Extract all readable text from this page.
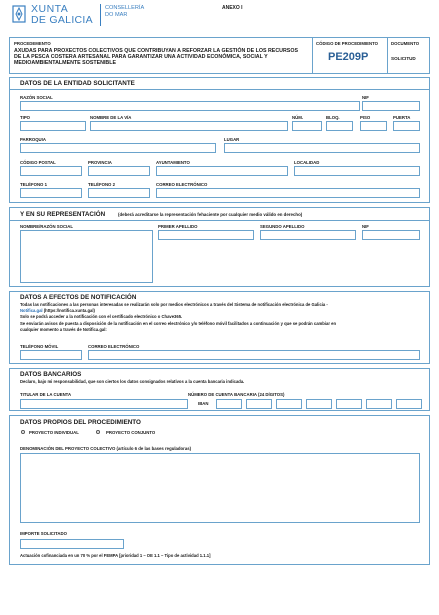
XUNTA
DE GALICIA
CONSELLERÍA
DO MAR
ANEXO I
PROCEDEMENTO
AXUDAS PARA PROXECTOS COLECTIVOS QUE CONTRIBUYAN A REFORZAR LA GESTIÓN DE LOS RECURSOS DE LA PESCA COSTERA ARTESANAL PARA GARANTIZAR UNA ACTIVIDAD ECONÓMICA, SOCIAL Y MEDIOAMBIENTALMENTE SOSTENIBLE
CÓDIGO DE PROCEDIMIENTO
PE209P
DOCUMENTO
SOLICITUD
DATOS DE LA ENTIDAD SOLICITANTE
RAZÓN SOCIAL	NIF
TIPO	NOMBRE DE LA VÍA	NÚM.	BLOQ.	PISO	PUERTA
PARROQUIA	LUGAR
CÓDIGO POSTAL	PROVINCIA	AYUNTAMIENTO	LOCALIDAD
TELÉFONO 1	TELÉFONO 2	CORREO ELECTRÓNICO
Y EN SU REPRESENTACIÓN	(deberá acreditarse la representación fehaciente por cualquier medio válido en derecho)
NOMBRE/RAZÓN SOCIAL	PRIMER APELLIDO	SEGUNDO APELLIDO	NIF
DATOS A EFECTOS DE NOTIFICACIÓN
Todas las notificaciones a las personas interesadas se realizarán solo por medios electrónicos a través del Sistema de notificación electrónica de Galicia -
Notifica.gal (https://notifica.xunta.gal)
Solo se podrá acceder a la notificación con el certificado electrónico o Chave365.
Se enviarán avisos de puesta a disposición de la notificación en el correo electrónico y/o teléfono móvil facilitados a continuación y que se podrán cambiar en
cualquier momento a través de Notifica.gal:
TELÉFONO MÓVIL	CORREO ELECTRÓNICO
DATOS BANCARIOS
Declaro, bajo mi responsabilidad, que son ciertos los datos consignados relativos a la cuenta bancaria indicada.
TITULAR DE LA CUENTA	NÚMERO DE CUENTA BANCARIA (24 DÍGITOS)
IBAN
DATOS PROPIOS DEL PROCEDIMIENTO
PROYECTO INDIVIDUAL	PROYECTO CONJUNTO
DENOMINACIÓN DEL PROYECTO COLECTIVO (artículo 6 de las bases reguladoras)
IMPORTE SOLICITADO
Actuación cofinanciada en un 70 % por el FEMPA [prioridad 1 – OE 1.1 – Tipo de actividad 1.1.1]
